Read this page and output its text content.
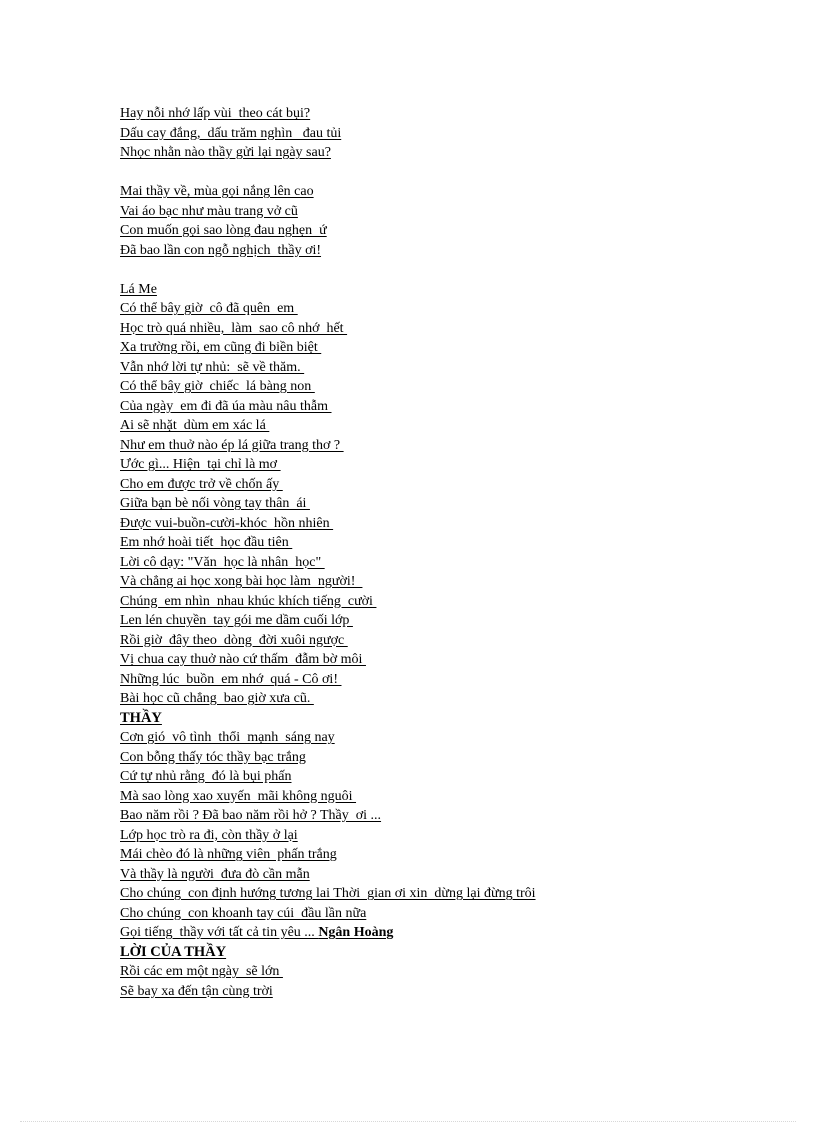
Hay nỗi nhớ lấp vùi  theo cát bụi?
Dấu cay đắng,  dấu trăm nghìn   đau tủi
Nhọc nhằn nào thầy gửi lại ngày sau?
Mai thầy về, mùa gọi nắng lên cao
Vai áo bạc như màu trang vở cũ
Con muốn gọi sao lòng đau nghẹn  ứ
Đã bao lần con ngỗ nghịch  thầy ơi!
Lá Me
Có thể bây giờ  cô đã quên  em
Học trò quá nhiều,  làm  sao cô nhớ  hết
Xa trường rồi, em cũng đi biền biệt
Vẫn nhớ lời tự nhủ:  sẽ về thăm.
Có thể bây giờ  chiếc  lá bàng non
Của ngày  em đi đã úa màu nâu thẫm
Ai sẽ nhặt  dùm em xác lá
Như em thuở nào ép lá giữa trang thơ ?
Ước gì... Hiện  tại chỉ là mơ
Cho em được trở về chốn ấy
Giữa bạn bè nối vòng tay thân  ái
Được vui-buồn-cười-khóc  hồn nhiên
Em nhớ hoài tiết  học đầu tiên
Lời cô dạy: "Văn  học là nhân  học"
Và chẳng ai học xong bài học làm  người!
Chúng  em nhìn  nhau khúc khích tiếng  cười
Len lén chuyền  tay gói me dầm cuối lớp
Rồi giờ  đây theo  dòng  đời xuôi ngược
Vị chua cay thuở nào cứ thấm  đẫm bờ môi
Những lúc  buồn  em nhớ  quá - Cô ơi!
Bài học cũ chẳng  bao giờ xưa cũ.
THẦY
Cơn gió  vô tình  thổi  mạnh  sáng nay
Con bỗng thấy tóc thầy bạc trắng
Cứ tự nhủ rằng  đó là bụi phấn
Mà sao lòng xao xuyến  mãi không nguôi
Bao năm rồi ? Đã bao năm rồi hở ? Thầy  ơi ...
Lớp học trò ra đi, còn thầy ở lại
Mái chèo đó là những viên  phấn trắng
Và thầy là người  đưa đò cần mẫn
Cho chúng  con định hướng tương lai Thời  gian ơi xin  dừng lại đừng trôi
Cho chúng  con khoanh tay cúi  đầu lần nữa
Gọi tiếng  thầy với tất cả tin yêu ... Ngân Hoàng
LỜI CỦA THẦY
Rồi các em một ngày  sẽ lớn
Sẽ bay xa đến tận cùng trời
